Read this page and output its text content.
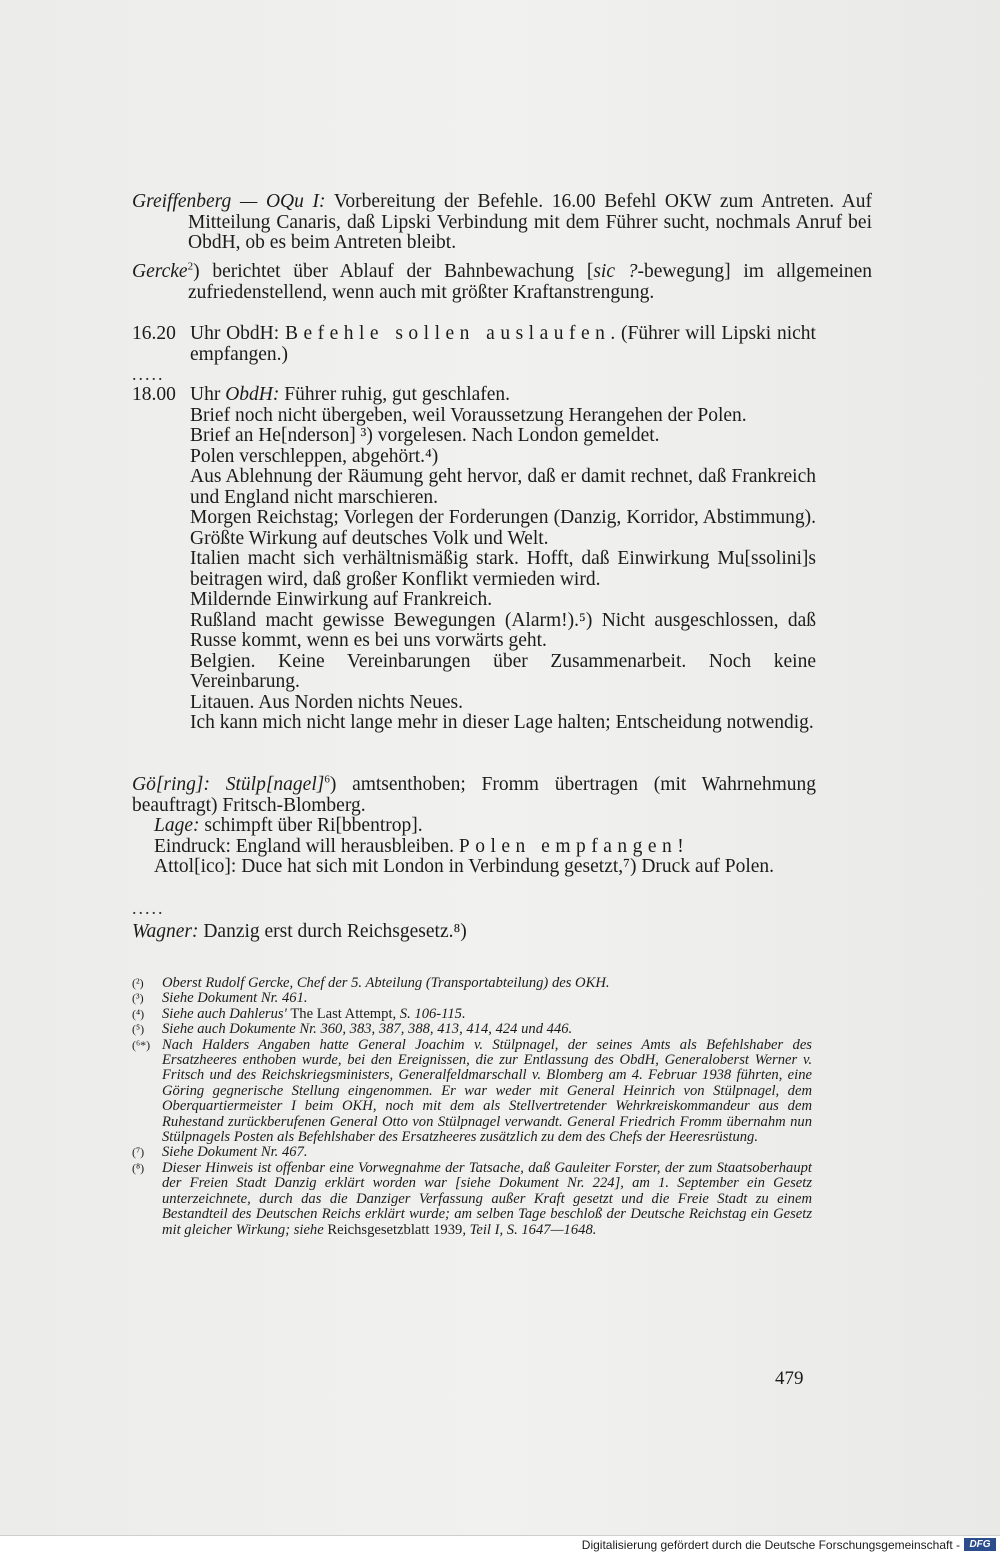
Greiffenberg — OQu I: Vorbereitung der Befehle. 16.00 Befehl OKW zum Antreten. Auf Mitteilung Canaris, daß Lipski Verbindung mit dem Führer sucht, nochmals Anruf bei ObdH, ob es beim Antreten bleibt.
Gercke$^2$) berichtet über Ablauf der Bahnbewachung [sic ?-bewegung] im allgemeinen zufriedenstellend, wenn auch mit größter Kraftanstrengung.
16.20 Uhr ObdH: Befehle sollen auslaufen. (Führer will Lipski nicht empfangen.)
.....
18.00 Uhr ObdH: Führer ruhig, gut geschlafen.

Brief noch nicht übergeben, weil Voraussetzung Herangehen der Polen.

Brief an He[nderson] ³) vorgelesen. Nach London gemeldet.

Polen verschleppen, abgehört.⁴)

Aus Ablehnung der Räumung geht hervor, daß er damit rechnet, daß Frankreich und England nicht marschieren.

Morgen Reichstag; Vorlegen der Forderungen (Danzig, Korridor, Abstimmung). Größte Wirkung auf deutsches Volk und Welt.

Italien macht sich verhältnismäßig stark. Hofft, daß Einwirkung Mu[ssolini]s beitragen wird, daß großer Konflikt vermieden wird.

Mildernde Einwirkung auf Frankreich.

Rußland macht gewisse Bewegungen (Alarm!).⁵) Nicht ausgeschlossen, daß Russe kommt, wenn es bei uns vorwärts geht.

Belgien. Keine Vereinbarungen über Zusammenarbeit. Noch keine Vereinbarung.

Litauen. Aus Norden nichts Neues.

Ich kann mich nicht lange mehr in dieser Lage halten; Entscheidung notwendig.

Gö[ring]: Stülp[nagel]$^6$) amtsenthoben; Fromm übertragen (mit Wahrnehmung beauftragt) Fritsch-Blomberg.

Lage: schimpft über Ri[bbentrop].

Eindruck: England will herausbleiben. Polen empfangen!

Attol[ico]: Duce hat sich mit London in Verbindung gesetzt,⁷) Druck auf Polen.

.....
Wagner: Danzig erst durch Reichsgesetz.⁸)
(²)	Oberst Rudolf Gercke, Chef der 5. Abteilung (Transportabteilung) des OKH.
(³)	Siehe Dokument Nr. 461.
(⁴)	Siehe auch Dahlerus' The Last Attempt, S. 106-115.
(⁵)	Siehe auch Dokumente Nr. 360, 383, 387, 388, 413, 414, 424 und 446.
(⁶*) Nach Halders Angaben hatte General Joachim v. Stülpnagel, der seines Amts als Befehlshaber des Ersatzheeres enthoben wurde, bei den Ereignissen, die zur Entlassung des ObdH, Generaloberst Werner v. Fritsch und des Reichskriegsministers, Generalfeldmarschall v. Blomberg am 4. Februar 1938 führten, eine Göring gegnerische Stellung eingenommen. Er war weder mit General Heinrich von Stülpnagel, dem Oberquartiermeister I beim OKH, noch mit dem als Stellvertretender Wehrkreiskommandeur aus dem Ruhestand zurückberufenen General Otto von Stülpnagel verwandt. General Friedrich Fromm übernahm nun Stülpnagels Posten als Befehlshaber des Ersatzheeres zusätzlich zu dem des Chefs der Heeresrüstung.
(⁷)	Siehe Dokument Nr. 467.
(⁸)	Dieser Hinweis ist offenbar eine Vorwegnahme der Tatsache, daß Gauleiter Forster, der zum Staatsoberhaupt der Freien Stadt Danzig erklärt worden war [siehe Dokument Nr. 224], am 1. September ein Gesetz unterzeichnete, durch das die Danziger Verfassung außer Kraft gesetzt und die Freie Stadt zu einem Bestandteil des Deutschen Reichs erklärt wurde; am selben Tage beschloß der Deutsche Reichstag ein Gesetz mit gleicher Wirkung; siehe Reichsgesetzblatt 1939, Teil I, S. 1647—1648.
479
Digitalisierung gefördert durch die Deutsche Forschungsgemeinschaft - DFG
